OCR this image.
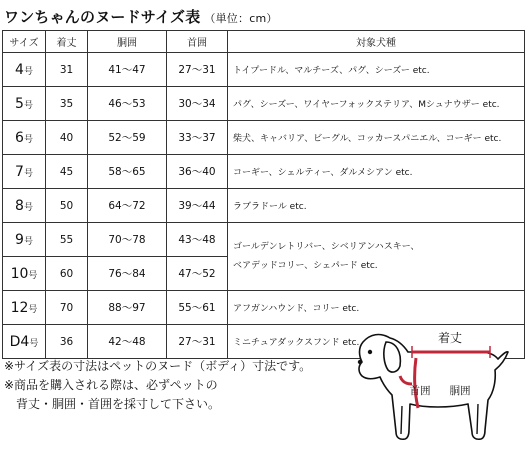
ワンちゃんのヌードサイズ表 （単位：cm）
サイズ	着丈	胴囲	首囲	対象犬種
4号	31	41～47	27～31	トイプードル、マルチーズ、パグ、シーズー etc.
5号	35	46～53	30～34	パグ、シーズー、ワイヤーフォックステリア、Mシュナウザー etc.
6号	40	52～59	33～37	柴犬、キャバリア、ビーグル、コッカースパニエル、コーギー etc.
7号	45	58～65	36～40	コーギー、シェルティー、ダルメシアン etc.
8号	50	64～72	39～44	ラブラドール etc.
9号	55	70～78	43～48	ゴールデンレトリバー、シベリアンハスキー、
ベアデッドコリー、シェパード etc.
10号	60	76～84	47～52	
12号	70	88～97	55～61	アフガンハウンド、コリー etc.
D4号	36	42～48	27～31	ミニチュアダックスフンド etc.
※サイズ表の寸法はペットのヌード（ボディ）寸法です。
※商品を購入される際は、必ずペットの
背丈・胴囲・首囲を採寸して下さい。
着丈
首囲 胴囲
